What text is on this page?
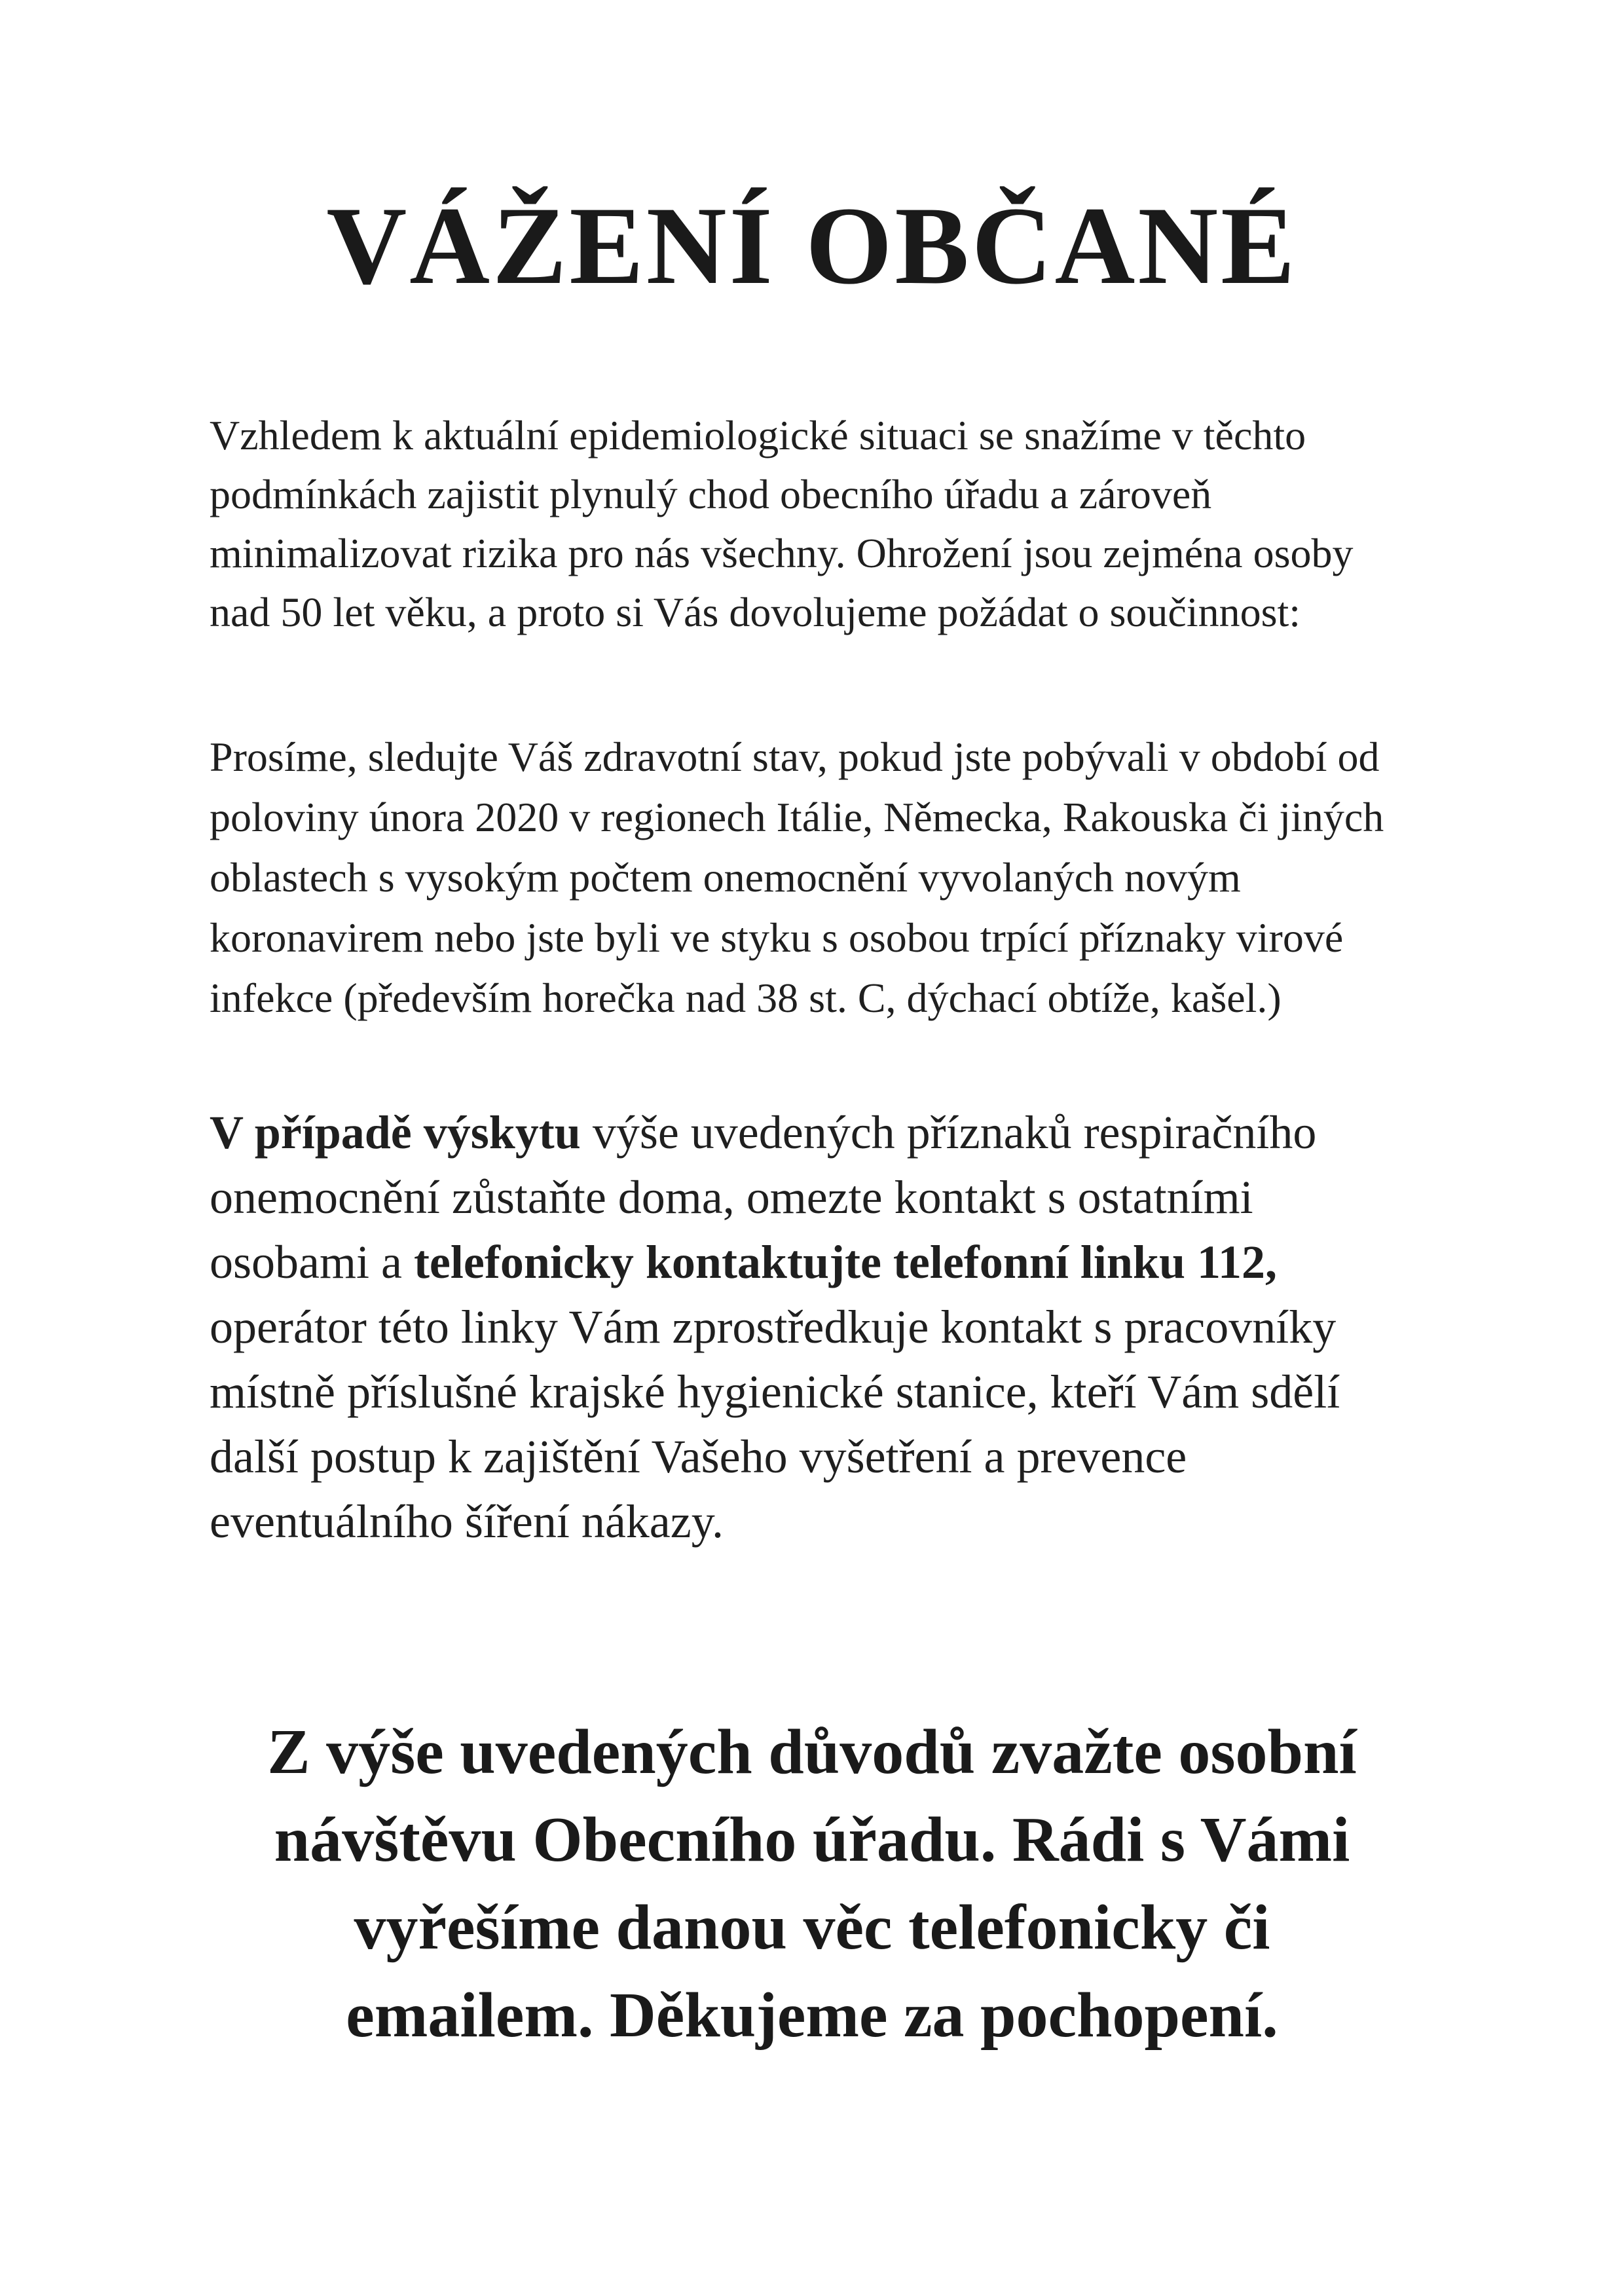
VÁŽENÍ OBČANÉ

Vzhledem k aktuální epidemiologické situaci se snažíme v těchto
podmínkách zajistit plynulý chod obecního úřadu a zároveň
minimalizovat rizika pro nás všechny. Ohrožení jsou zejména osoby
nad 50 let věku, a proto si Vás dovolujeme požádat o součinnost:

Prosíme, sledujte Váš zdravotní stav, pokud jste pobývali v období od
poloviny února 2020 v regionech Itálie, Německa, Rakouska či jiných
oblastech s vysokým počtem onemocnění vyvolaných novým
koronavirem nebo jste byli ve styku s osobou trpící příznaky virové
infekce (především horečka nad 38 st. C, dýchací obtíže, kašel.)

V případě výskytu výše uvedených příznaků respiračního
onemocnění zůstaňte doma, omezte kontakt s ostatními
osobami a telefonicky kontaktujte telefonní linku 112,
operátor této linky Vám zprostředkuje kontakt s pracovníky
místně příslušné krajské hygienické stanice, kteří Vám sdělí
další postup k zajištění Vašeho vyšetření a prevence
eventuálního šíření nákazy.

Z výše uvedených důvodů zvažte osobní
návštěvu Obecního úřadu. Rádi s Vámi
vyřešíme danou věc telefonicky či
emailem. Děkujeme za pochopení.
